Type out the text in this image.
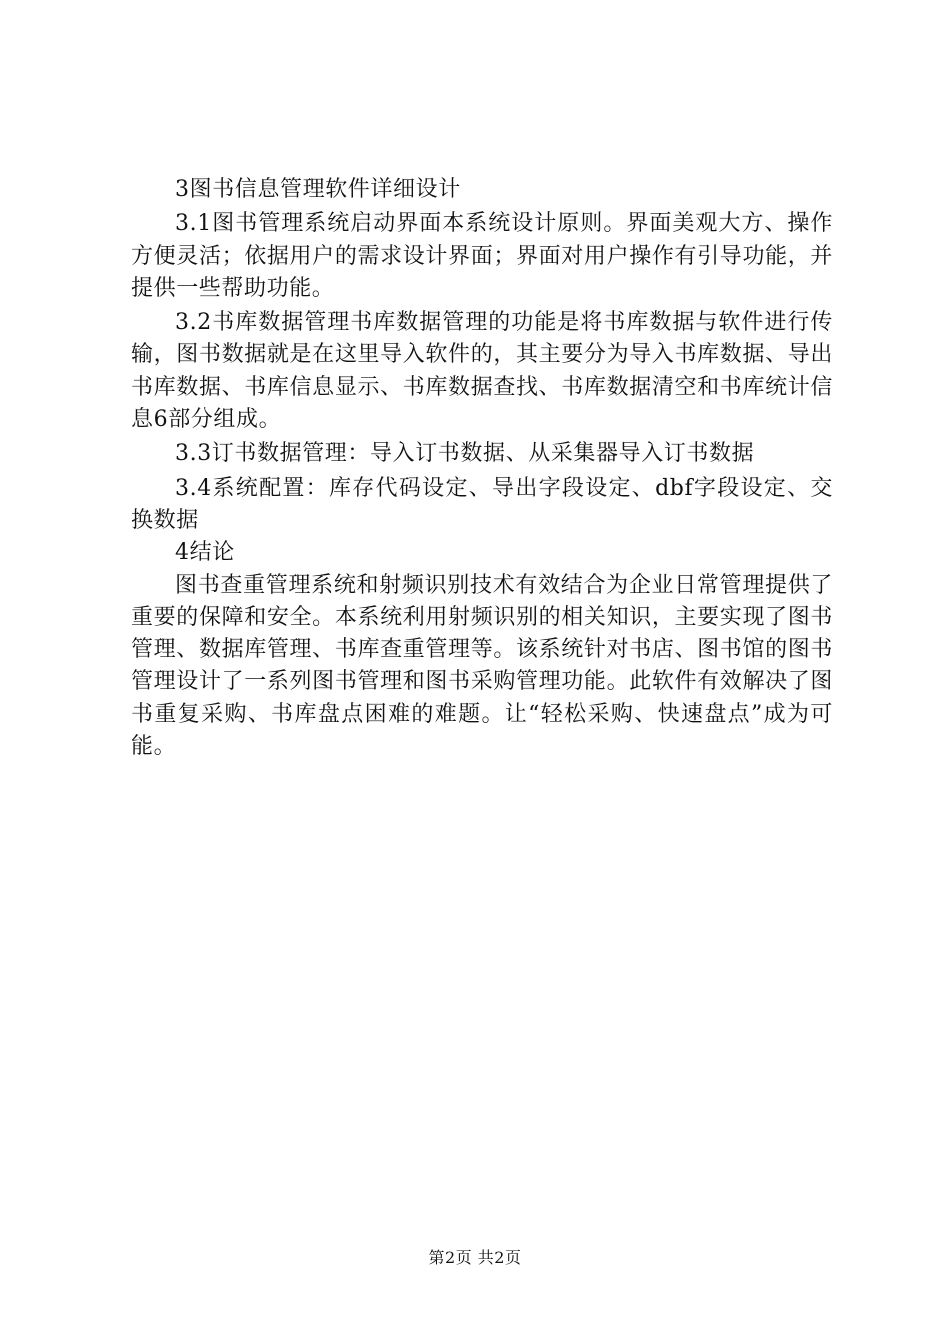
3图书信息管理软件详细设计

3.1图书管理系统启动界面本系统设计原则。界面美观大方、操作方便灵活；依据用户的需求设计界面；界面对用户操作有引导功能，并提供一些帮助功能。

3.2书库数据管理书库数据管理的功能是将书库数据与软件进行传输，图书数据就是在这里导入软件的，其主要分为导入书库数据、导出书库数据、书库信息显示、书库数据查找、书库数据清空和书库统计信息6部分组成。

3.3订书数据管理：导入订书数据、从采集器导入订书数据

3.4系统配置：库存代码设定、导出字段设定、dbf字段设定、交换数据

4结论

图书查重管理系统和射频识别技术有效结合为企业日常管理提供了重要的保障和安全。本系统利用射频识别的相关知识，主要实现了图书管理、数据库管理、书库查重管理等。该系统针对书店、图书馆的图书管理设计了一系列图书管理和图书采购管理功能。此软件有效解决了图书重复采购、书库盘点困难的难题。让“轻松采购、快速盘点”成为可能。

第2页 共2页
